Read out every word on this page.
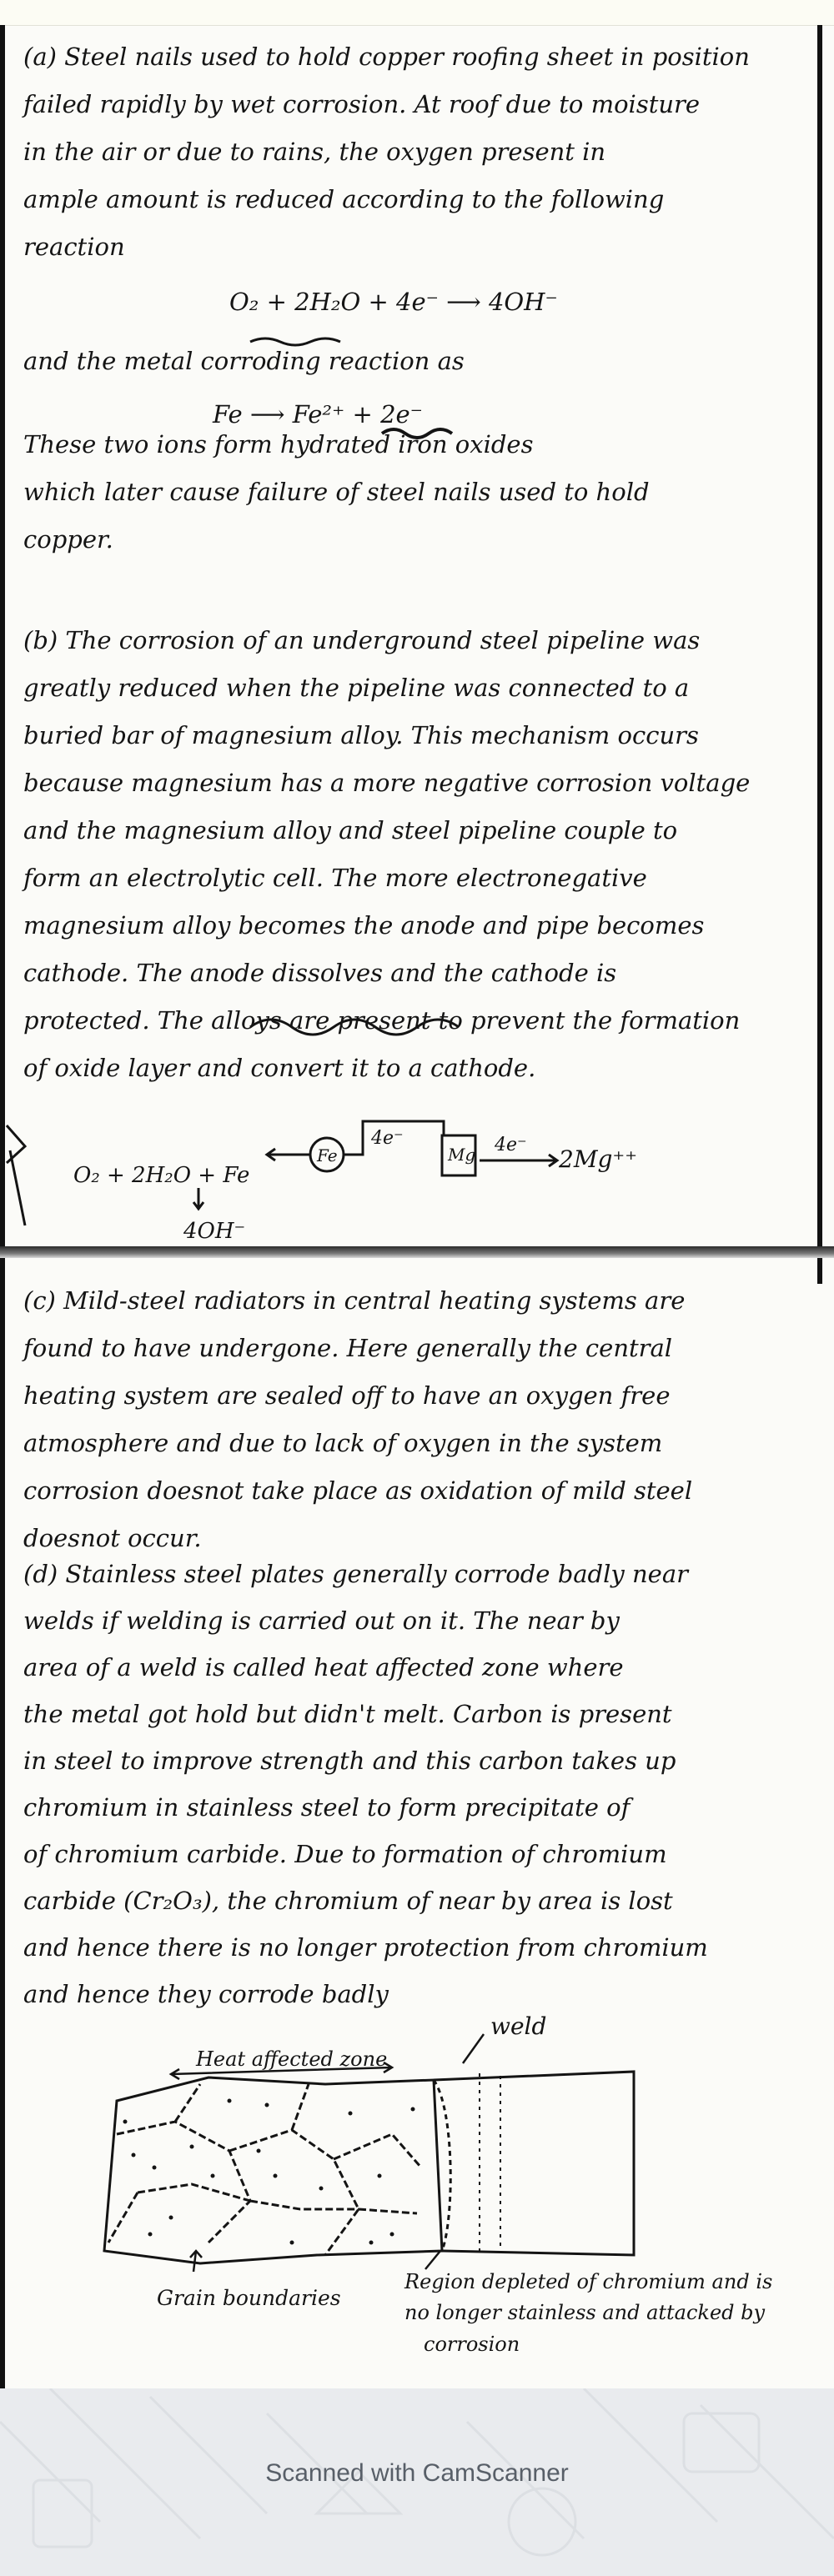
(a) Steel nails used to hold copper roofing sheet in position
failed rapidly by wet corrosion. At roof due to moisture
in the air or due to rains, the oxygen present in
ample amount is reduced according to the following
reaction

O₂ + 2H₂O + 4e⁻ ⟶ 4OH⁻

and the metal corroding reaction as

Fe ⟶ Fe²⁺ + 2e⁻

These two ions form hydrated iron oxides
which later cause failure of steel nails used to hold
copper.

(b) The corrosion of an underground steel pipeline was
greatly reduced when the pipeline was connected to a
buried bar of magnesium alloy. This mechanism occurs
because magnesium has a more negative corrosion voltage
and the magnesium alloy and steel pipeline couple to
form an electrolytic cell. The more electronegative
magnesium alloy becomes the anode and pipe becomes
cathode. The anode dissolves and the cathode is
protected. The alloys are present to prevent the formation
of oxide layer and convert it to a cathode.

(c) Mild-steel radiators in central heating systems are
found to have undergone. Here generally the central
heating system are sealed off to have an oxygen free
atmosphere and due to lack of oxygen in the system
corrosion doesnot take place as oxidation of mild steel
doesnot occur.

(d) Stainless steel plates generally corrode badly near
welds if welding is carried out on it. The near by
area of a weld is called heat affected zone where
the metal got hold but didn't melt. Carbon is present
in steel to improve strength and this carbon takes up
chromium in stainless steel to form precipitate of
of chromium carbide. Due to formation of chromium
carbide (Cr₂O₃), the chromium of near by area is lost
and hence there is no longer protection from chromium
and hence they corrode badly

Fe	Mg
4e⁻	4e⁻
2Mg⁺⁺
O₂ + 2H₂O + Fe
4OH⁻
Heat affected zone
weld
Grain boundaries
Region depleted of chromium and is no longer stainless and attacked by corrosion
Scanned with CamScanner
